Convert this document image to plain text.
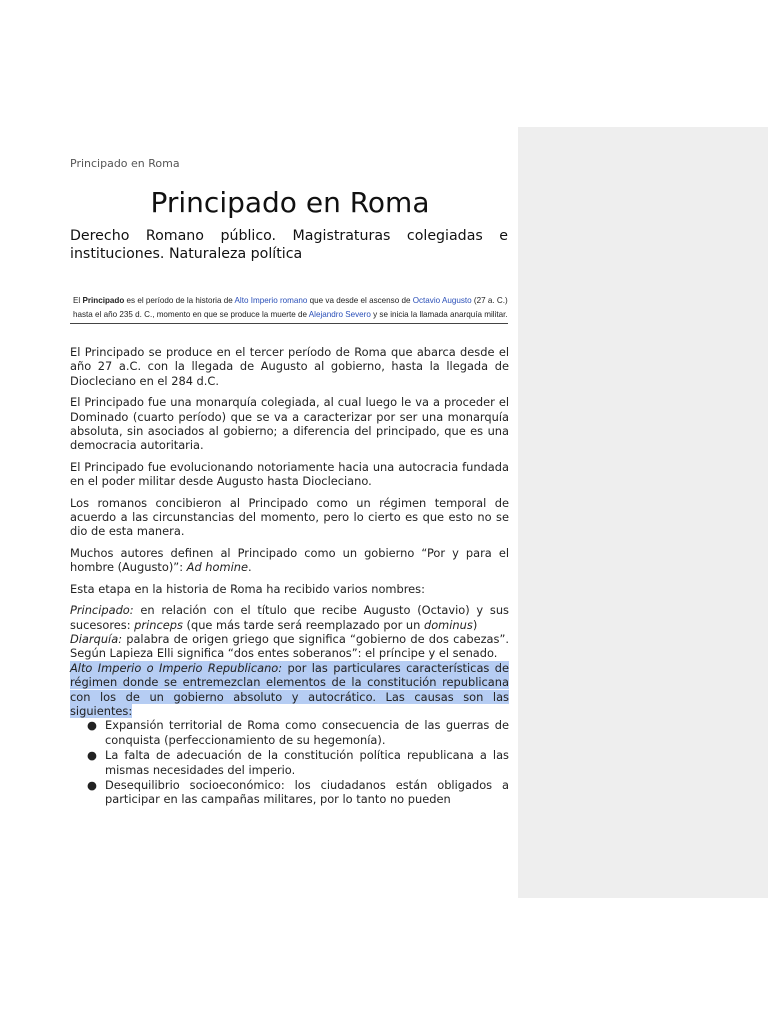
Principado en Roma
Principado en Roma
Derecho Romano público. Magistraturas colegiadas e instituciones. Naturaleza política
El Principado es el período de la historia de Alto Imperio romano que va desde el ascenso de Octavio Augusto (27 a. C.) hasta el año 235 d. C., momento en que se produce la muerte de Alejandro Severo y se inicia la llamada anarquía militar.

El Principado se produce en el tercer período de Roma que abarca desde el año 27 a.C. con la llegada de Augusto al gobierno, hasta la llegada de Diocleciano en el 284 d.C.

El Principado fue una monarquía colegiada, al cual luego le va a proceder el Dominado (cuarto período) que se va a caracterizar por ser una monarquía absoluta, sin asociados al gobierno; a diferencia del principado, que es una democracia autoritaria.

El Principado fue evolucionando notoriamente hacia una autocracia fundada en el poder militar desde Augusto hasta Diocleciano.

Los romanos concibieron al Principado como un régimen temporal de acuerdo a las circunstancias del momento, pero lo cierto es que esto no se dio de esta manera.

Muchos autores definen al Principado como un gobierno “Por y para el hombre (Augusto)”: Ad homine.

Esta etapa en la historia de Roma ha recibido varios nombres:

Principado: en relación con el título que recibe Augusto (Octavio) y sus sucesores: princeps (que más tarde será reemplazado por un dominus)

Diarquía: palabra de origen griego que significa “gobierno de dos cabezas”. Según Lapieza Elli significa “dos entes soberanos”: el príncipe y el senado.

Alto Imperio o Imperio Republicano: por las particulares características de régimen donde se entremezclan elementos de la constitución republicana con los de un gobierno absoluto y autocrático. Las causas son las siguientes:

● Expansión territorial de Roma como consecuencia de las guerras de conquista (perfeccionamiento de su hegemonía).
● La falta de adecuación de la constitución política republicana a las mismas necesidades del imperio.
● Desequilibrio socioeconómico: los ciudadanos están obligados a participar en las campañas militares, por lo tanto no pueden
